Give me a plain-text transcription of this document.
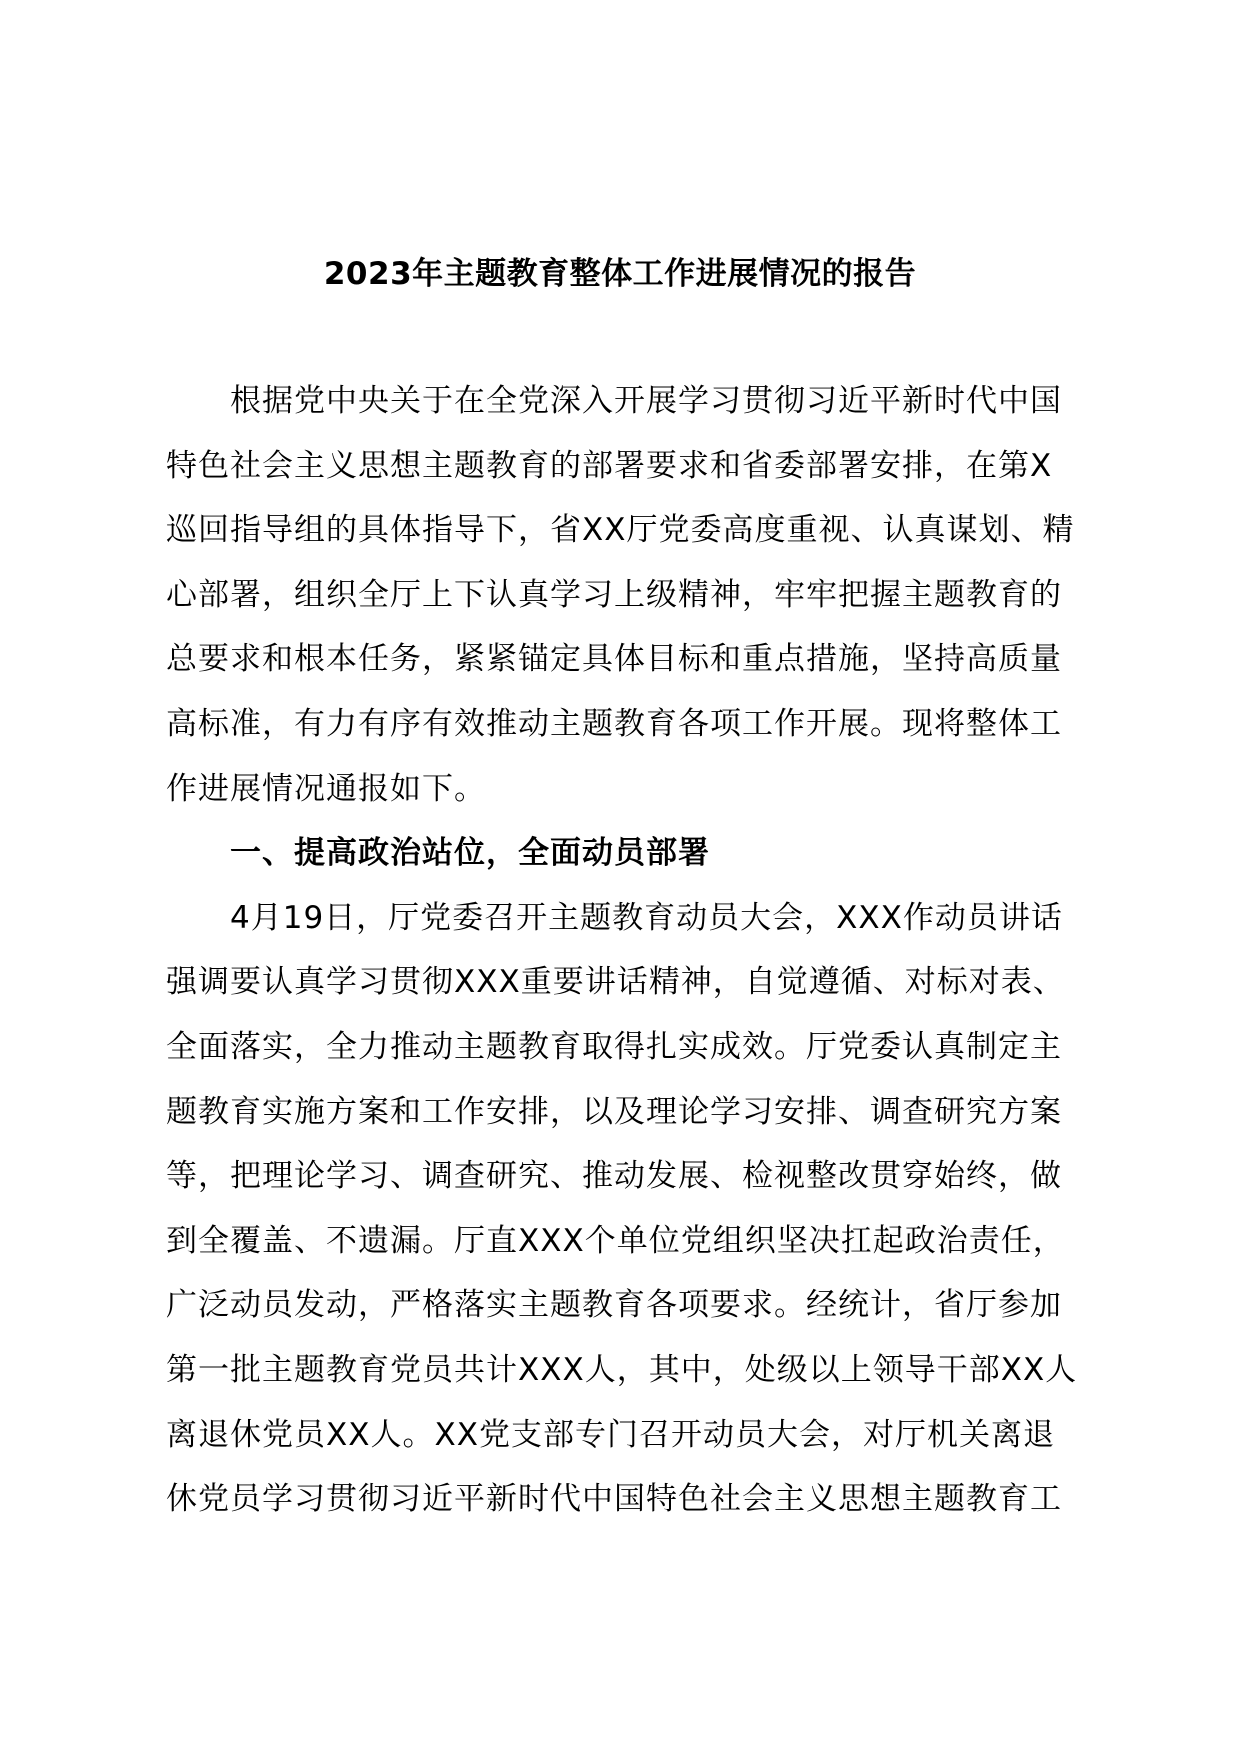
2023年主题教育整体工作进展情况的报告
根据党中央关于在全党深入开展学习贯彻习近平新时代中国
特色社会主义思想主题教育的部署要求和省委部署安排，在第X
巡回指导组的具体指导下，省XX厅党委高度重视、认真谋划、精
心部署，组织全厅上下认真学习上级精神，牢牢把握主题教育的
总要求和根本任务，紧紧锚定具体目标和重点措施，坚持高质量
高标准，有力有序有效推动主题教育各项工作开展。现将整体工
作进展情况通报如下。
一、提高政治站位，全面动员部署
4月19日，厅党委召开主题教育动员大会，XXX作动员讲话
强调要认真学习贯彻XXX重要讲话精神，自觉遵循、对标对表、
全面落实，全力推动主题教育取得扎实成效。厅党委认真制定主
题教育实施方案和工作安排，以及理论学习安排、调查研究方案
等，把理论学习、调查研究、推动发展、检视整改贯穿始终，做
到全覆盖、不遗漏。厅直XXX个单位党组织坚决扛起政治责任，
广泛动员发动，严格落实主题教育各项要求。经统计，省厅参加
第一批主题教育党员共计XXX人，其中，处级以上领导干部XX人
离退休党员XX人。XX党支部专门召开动员大会，对厅机关离退
休党员学习贯彻习近平新时代中国特色社会主义思想主题教育工
